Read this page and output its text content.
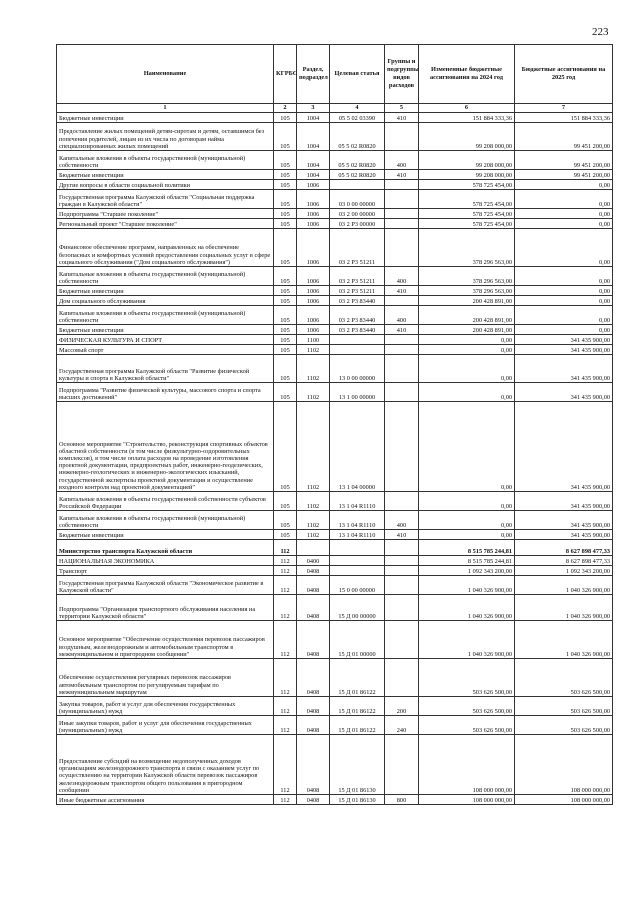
223
Наименование	КГРБС	Раздел, подраздел	Целевая статья	Группы и подгруппы видов расходов	Измененные бюджетные ассигнования на 2024 год	Бюджетные ассигнования на 2025 год
1	2	3	4	5	6	7
Бюджетные инвестиции	105	1004	05 5 02 03390	410	151 884 333,36	151 884 333,36
Предоставление жилых помещений детям-сиротам и детям, оставшимся без попечения родителей, лицам из их числа по договорам найма специализированных жилых помещений	105	1004	05 5 02 R0820		99 208 000,00	99 451 200,00
Капитальные вложения в объекты государственной (муниципальной) собственности	105	1004	05 5 02 R0820	400	99 208 000,00	99 451 200,00
Бюджетные инвестиции	105	1004	05 5 02 R0820	410	99 208 000,00	99 451 200,00
Другие вопросы в области социальной политики	105	1006			578 725 454,00	0,00
Государственная программа Калужской области "Социальная поддержка граждан в Калужской области"	105	1006	03 0 00 00000		578 725 454,00	0,00
Подпрограмма "Старшее поколение"	105	1006	03 2 00 00000		578 725 454,00	0,00
Региональный проект "Старшее поколение"	105	1006	03 2 P3 00000		578 725 454,00	0,00
Финансовое обеспечение программ, направленных на обеспечение безопасных и комфортных условий предоставления социальных услуг в сфере социального обслуживания ("Дом социального обслуживания")	105	1006	03 2 P3 51211		378 296 563,00	0,00
Капитальные вложения в объекты государственной (муниципальной) собственности	105	1006	03 2 P3 51211	400	378 296 563,00	0,00
Бюджетные инвестиции	105	1006	03 2 P3 51211	410	378 296 563,00	0,00
Дом социального обслуживания	105	1006	03 2 P3 83440		200 428 891,00	0,00
Капитальные вложения в объекты государственной (муниципальной) собственности	105	1006	03 2 P3 83440	400	200 428 891,00	0,00
Бюджетные инвестиции	105	1006	03 2 P3 83440	410	200 428 891,00	0,00
ФИЗИЧЕСКАЯ КУЛЬТУРА И СПОРТ	105	1100			0,00	341 435 900,00
Массовый спорт	105	1102			0,00	341 435 900,00
Государственная программа Калужской области "Развитие физической культуры и спорта в Калужской области"	105	1102	13 0 00 00000		0,00	341 435 900,00
Подпрограмма "Развитие физической культуры, массового спорта и спорта высших достижений"	105	1102	13 1 00 00000		0,00	341 435 900,00
Основное мероприятие "Строительство, реконструкция спортивных объектов областной собственности (в том числе физкультурно-оздоровительных комплексов), в том числе оплата расходов на проведение изготовления проектной документации, предпроектных работ, инженерно-геодезических, инженерно-геологических и инженерно-экологических изысканий, государственной экспертизы проектной документации и осуществление входного контроля над проектной документацией"	105	1102	13 1 04 00000		0,00	341 435 900,00
Капитальные вложения в объекты государственной собственности субъектов Российской Федерации	105	1102	13 1 04 R1110		0,00	341 435 900,00
Капитальные вложения в объекты государственной (муниципальной) собственности	105	1102	13 1 04 R1110	400	0,00	341 435 900,00
Бюджетные инвестиции	105	1102	13 1 04 R1110	410	0,00	341 435 900,00
Министерство транспорта Калужской области	112				8 515 785 244,81	8 627 898 477,33
НАЦИОНАЛЬНАЯ ЭКОНОМИКА	112	0400			8 515 785 244,81	8 627 898 477,33
Транспорт	112	0408			1 092 343 200,00	1 092 343 200,00
Государственная программа Калужской области "Экономическое развитие в Калужской области"	112	0408	15 0 00 00000		1 040 326 900,00	1 040 326 900,00
Подпрограмма "Организация транспортного обслуживания населения на территории Калужской области"	112	0408	15 Д 00 00000		1 040 326 900,00	1 040 326 900,00
Основное мероприятие "Обеспечение осуществления перевозок пассажиров воздушным, железнодорожным и автомобильным транспортом в межмуниципальном и пригородном сообщении"	112	0408	15 Д 01 00000		1 040 326 900,00	1 040 326 900,00
Обеспечение осуществления регулярных перевозок пассажиров автомобильным транспортом по регулируемым тарифам по межмуниципальным маршрутам	112	0408	15 Д 01 86122		503 626 500,00	503 626 500,00
Закупка товаров, работ и услуг для обеспечения государственных (муниципальных) нужд	112	0408	15 Д 01 86122	200	503 626 500,00	503 626 500,00
Иные закупки товаров, работ и услуг для обеспечения государственных (муниципальных) нужд	112	0408	15 Д 01 86122	240	503 626 500,00	503 626 500,00
Предоставление субсидий на возмещение недополученных доходов организациям железнодорожного транспорта в связи с оказанием услуг по осуществлению на территории Калужской области перевозок пассажиров железнодорожным транспортом общего пользования в пригородном сообщении	112	0408	15 Д 01 86130		108 000 000,00	108 000 000,00
Иные бюджетные ассигнования	112	0408	15 Д 01 86130	800	108 000 000,00	108 000 000,00
